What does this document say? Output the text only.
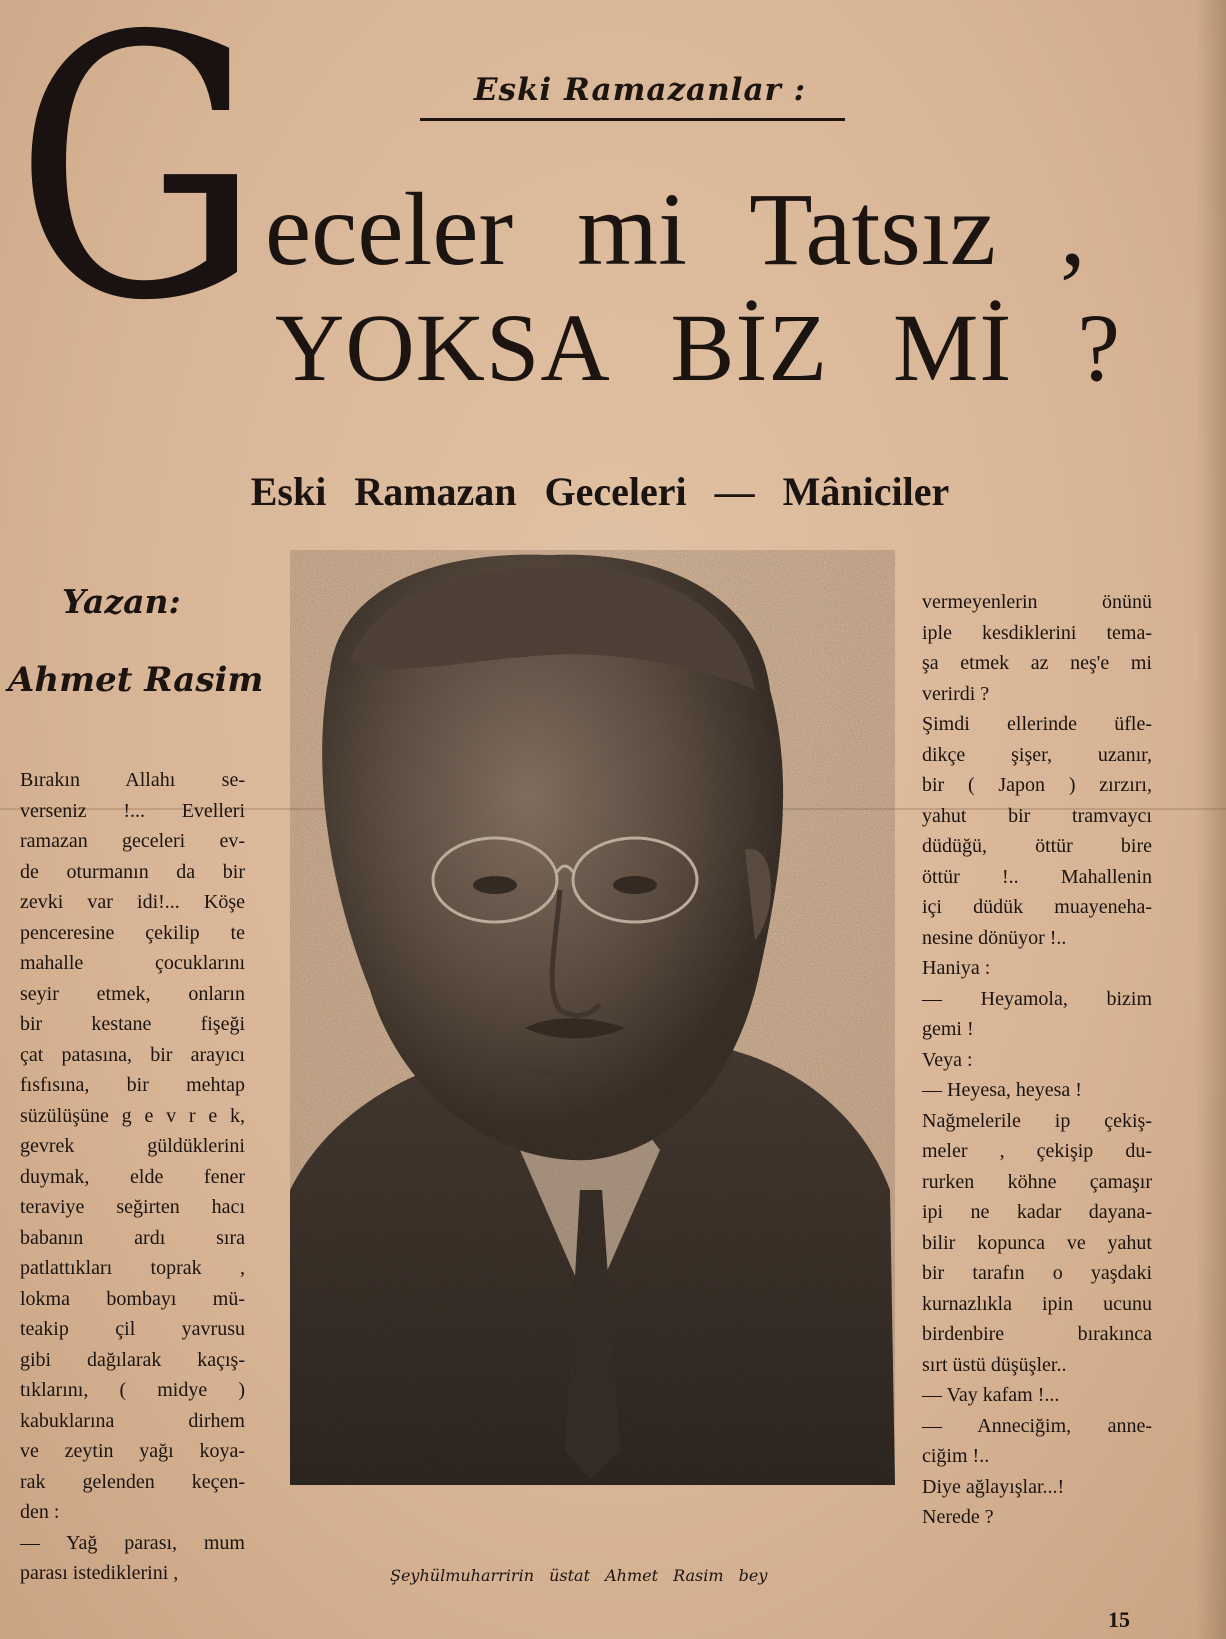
Eski Ramazanlar :
G eceler mi Tatsız ,
YOKSA BİZ Mİ ?
Eski Ramazan Geceleri — Mâniciler
Yazan:
Ahmet Rasim
Bırakın Allahı se-
verseniz !... Evelleri
ramazan geceleri ev-
de oturmanın da bir
zevki var idi!... Köşe
penceresine çekilip te
mahalle çocuklarını
seyir etmek, onların
bir kestane fişeği
çat patasına, bir arayıcı
fısfısına, bir mehtap
süzülüşüne g e v r e k,
gevrek güldüklerini
duymak, elde fener
teraviye seğirten hacı
babanın ardı sıra
patlattıkları toprak ,
lokma bombayı mü-
teakip çil yavrusu
gibi dağılarak kaçış-
tıklarını, ( midye )
kabuklarına dirhem
ve zeytin yağı koya-
rak gelenden keçen-
den :
— Yağ parası, mum
parası istediklerini ,	Şeyhülmuharririn üstat Ahmet Rasim bey
vermeyenlerin önünü
iple kesdiklerini tema-
şa etmek az neş'e mi
verirdi ?
Şimdi ellerinde üfle-
dikçe şişer, uzanır,
bir ( Japon ) zırzırı,
yahut bir tramvaycı
düdüğü, öttür bire
öttür !.. Mahallenin
içi düdük muayeneha-
nesine dönüyor !..
Haniya :
— Heyamola, bizim
gemi !
Veya :
— Heyesa, heyesa !
Nağmelerile ip çekiş-
meler , çekişip du-
rurken köhne çamaşır
ipi ne kadar dayana-
bilir kopunca ve yahut
bir tarafın o yaşdaki
kurnazlıkla ipin ucunu
birdenbire bırakınca
sırt üstü düşüşler..
— Vay kafam !...
— Anneciğim, anne-
ciğim !..
Diye ağlayışlar...!
Nerede ?
15
